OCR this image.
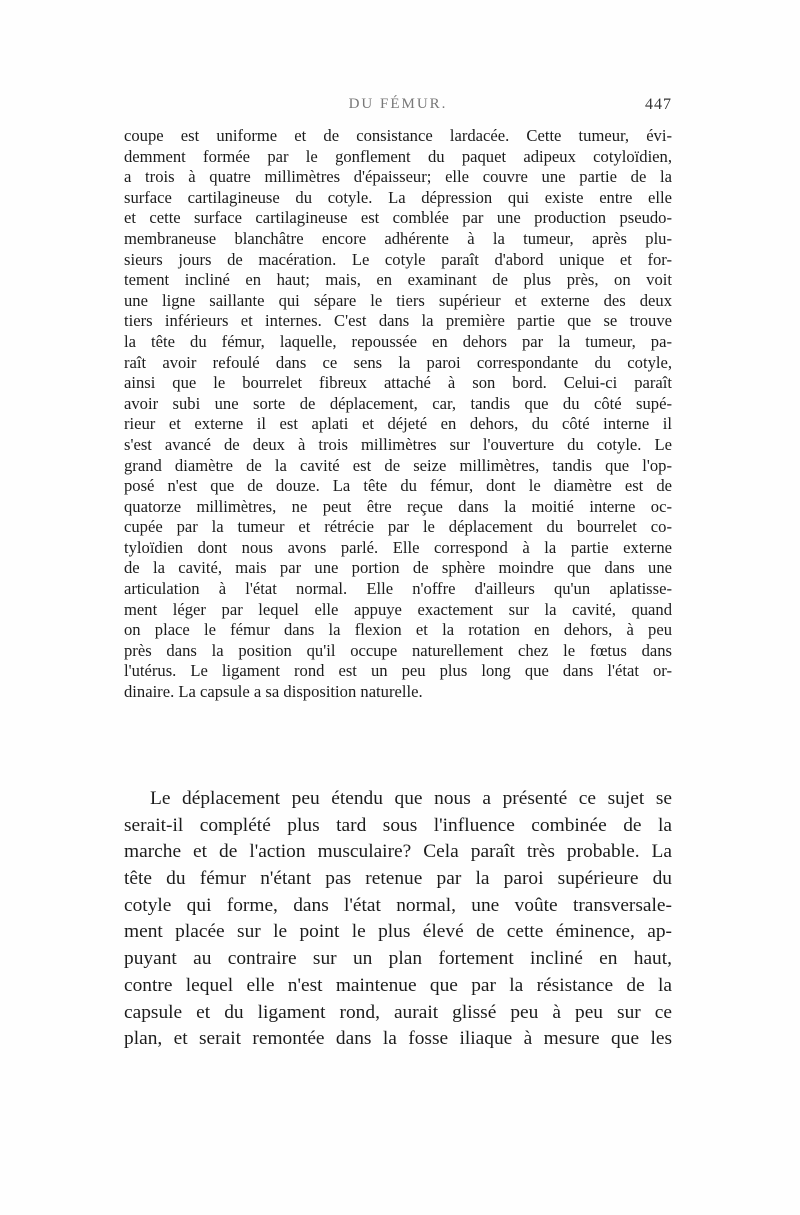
DU FÉMUR.	447
coupe est uniforme et de consistance lardacée. Cette tumeur, évi-
demment formée par le gonflement du paquet adipeux cotyloïdien,
a trois à quatre millimètres d'épaisseur; elle couvre une partie de la
surface cartilagineuse du cotyle. La dépression qui existe entre elle
et cette surface cartilagineuse est comblée par une production pseudo-
membraneuse blanchâtre encore adhérente à la tumeur, après plu-
sieurs jours de macération. Le cotyle paraît d'abord unique et for-
tement incliné en haut; mais, en examinant de plus près, on voit
une ligne saillante qui sépare le tiers supérieur et externe des deux
tiers inférieurs et internes. C'est dans la première partie que se trouve
la tête du fémur, laquelle, repoussée en dehors par la tumeur, pa-
raît avoir refoulé dans ce sens la paroi correspondante du cotyle,
ainsi que le bourrelet fibreux attaché à son bord. Celui-ci paraît
avoir subi une sorte de déplacement, car, tandis que du côté supé-
rieur et externe il est aplati et déjeté en dehors, du côté interne il
s'est avancé de deux à trois millimètres sur l'ouverture du cotyle. Le
grand diamètre de la cavité est de seize millimètres, tandis que l'op-
posé n'est que de douze. La tête du fémur, dont le diamètre est de
quatorze millimètres, ne peut être reçue dans la moitié interne oc-
cupée par la tumeur et rétrécie par le déplacement du bourrelet co-
tyloïdien dont nous avons parlé. Elle correspond à la partie externe
de la cavité, mais par une portion de sphère moindre que dans une
articulation à l'état normal. Elle n'offre d'ailleurs qu'un aplatisse-
ment léger par lequel elle appuye exactement sur la cavité, quand
on place le fémur dans la flexion et la rotation en dehors, à peu
près dans la position qu'il occupe naturellement chez le fœtus dans
l'utérus. Le ligament rond est un peu plus long que dans l'état or-
dinaire. La capsule a sa disposition naturelle.
Le déplacement peu étendu que nous a présenté ce sujet se
serait-il complété plus tard sous l'influence combinée de la
marche et de l'action musculaire? Cela paraît très probable. La
tête du fémur n'étant pas retenue par la paroi supérieure du
cotyle qui forme, dans l'état normal, une voûte transversale-
ment placée sur le point le plus élevé de cette éminence, ap-
puyant au contraire sur un plan fortement incliné en haut,
contre lequel elle n'est maintenue que par la résistance de la
capsule et du ligament rond, aurait glissé peu à peu sur ce
plan, et serait remontée dans la fosse iliaque à mesure que les
